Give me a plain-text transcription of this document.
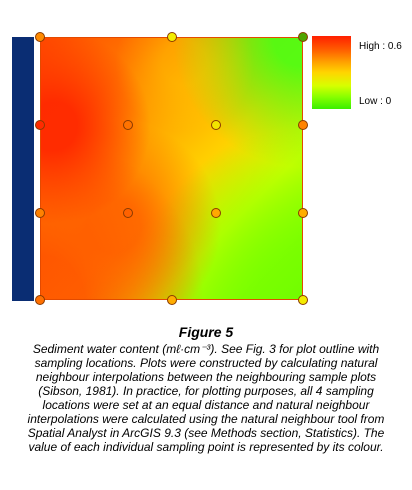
High : 0.6
Low : 0

Figure 5

Sediment water content (mℓ·cm⁻³). See Fig. 3 for plot outline with sampling locations. Plots were constructed by calculating natural neighbour interpolations between the neighbouring sample plots (Sibson, 1981). In practice, for plotting purposes, all 4 sampling locations were set at an equal distance and natural neighbour interpolations were calculated using the natural neighbour tool from Spatial Analyst in ArcGIS 9.3 (see Methods section, Statistics). The value of each individual sampling point is represented by its colour.
